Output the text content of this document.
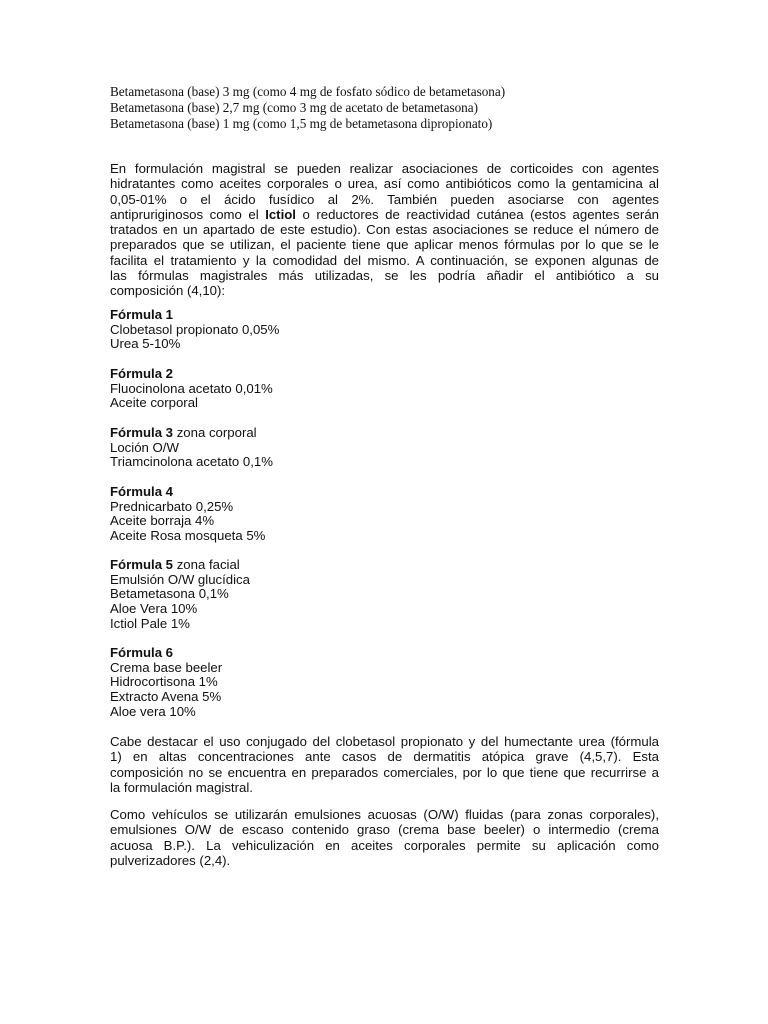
Betametasona (base) 3 mg (como 4 mg de fosfato sódico de betametasona)
Betametasona (base) 2,7 mg (como 3 mg de acetato de betametasona)
Betametasona (base) 1 mg (como 1,5 mg de betametasona dipropionato)
En formulación magistral se pueden realizar asociaciones de corticoides con agentes
hidratantes como aceites corporales o urea, así como antibióticos como la gentamicina al
0,05-01% o el ácido fusídico al 2%. También pueden asociarse con agentes
antipruriginosos como el Ictiol o reductores de reactividad cutánea (estos agentes serán
tratados en un apartado de este estudio). Con estas asociaciones se reduce el número de
preparados que se utilizan, el paciente tiene que aplicar menos fórmulas por lo que se le
facilita el tratamiento y la comodidad del mismo. A continuación, se exponen algunas de
las fórmulas magistrales más utilizadas, se les podría añadir el antibiótico a su
composición (4,10):
Fórmula 1
Clobetasol propionato 0,05%
Urea 5-10%
Fórmula 2
Fluocinolona acetato 0,01%
Aceite corporal
Fórmula 3 zona corporal
Loción O/W
Triamcinolona acetato 0,1%
Fórmula 4
Prednicarbato 0,25%
Aceite borraja 4%
Aceite Rosa mosqueta 5%
Fórmula 5 zona facial
Emulsión O/W glucídica
Betametasona 0,1%
Aloe Vera 10%
Ictiol Pale 1%
Fórmula 6
Crema base beeler
Hidrocortisona 1%
Extracto Avena 5%
Aloe vera 10%
Cabe destacar el uso conjugado del clobetasol propionato y del humectante urea (fórmula
1) en altas concentraciones ante casos de dermatitis atópica grave (4,5,7). Esta
composición no se encuentra en preparados comerciales, por lo que tiene que recurrirse a
la formulación magistral.
Como vehículos se utilizarán emulsiones acuosas (O/W) fluidas (para zonas corporales),
emulsiones O/W de escaso contenido graso (crema base beeler) o intermedio (crema
acuosa B.P.). La vehiculización en aceites corporales permite su aplicación como
pulverizadores (2,4).
